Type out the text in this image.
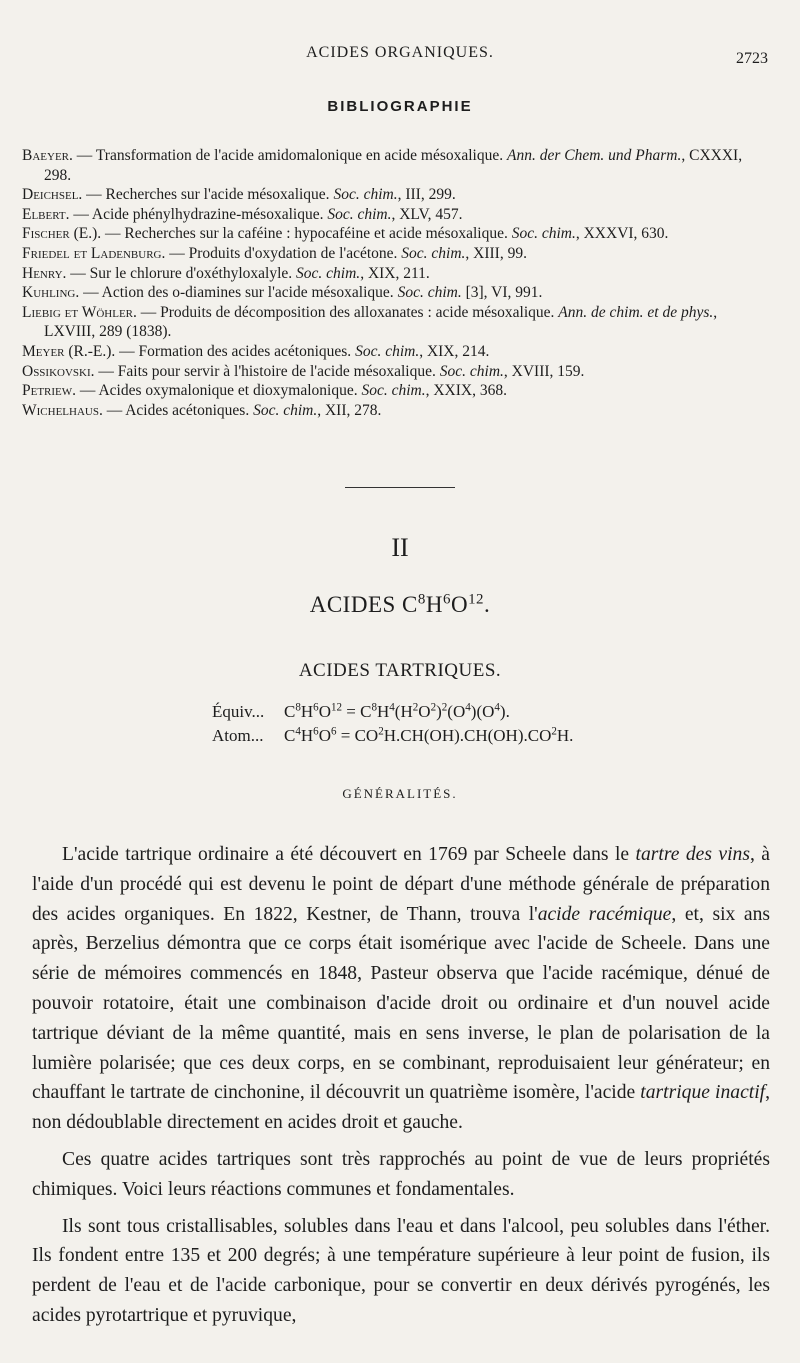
ACIDES ORGANIQUES.	2723
BIBLIOGRAPHIE

Baeyer. — Transformation de l'acide amidomalonique en acide mésoxalique. Ann. der Chem. und Pharm., CXXXI, 298.

Deichsel. — Recherches sur l'acide mésoxalique. Soc. chim., III, 299.

Elbert. — Acide phénylhydrazine-mésoxalique. Soc. chim., XLV, 457.

Fischer (E.). — Recherches sur la caféine : hypocaféine et acide mésoxalique. Soc. chim., XXXVI, 630.

Friedel et Ladenburg. — Produits d'oxydation de l'acétone. Soc. chim., XIII, 99.

Henry. — Sur le chlorure d'oxéthyloxalyle. Soc. chim., XIX, 211.

Kuhling. — Action des o-diamines sur l'acide mésoxalique. Soc. chim. [3], VI, 991.

Liebig et Wöhler. — Produits de décomposition des alloxanates : acide mésoxalique. Ann. de chim. et de phys., LXVIII, 289 (1838).

Meyer (R.-E.). — Formation des acides acétoniques. Soc. chim., XIX, 214.

Ossikovski. — Faits pour servir à l'histoire de l'acide mésoxalique. Soc. chim., XVIII, 159.

Petriew. — Acides oxymalonique et dioxymalonique. Soc. chim., XXIX, 368.

Wichelhaus. — Acides acétoniques. Soc. chim., XII, 278.

II
ACIDES $C^8H^6O^{12}$.
ACIDES TARTRIQUES.
Équiv... $C^8H^6O^{12} = C^8H^4(H^2O^2)^2(O^4)(O^4)$.
Atom... $C^4H^6O^6 = CO^2H.CH(OH).CH(OH).CO^2H$.
GÉNÉRALITÉS.

L'acide tartrique ordinaire a été découvert en 1769 par Scheele dans le tartre des vins, à l'aide d'un procédé qui est devenu le point de départ d'une méthode générale de préparation des acides organiques. En 1822, Kestner, de Thann, trouva l'acide racémique, et, six ans après, Berzelius démontra que ce corps était isomérique avec l'acide de Scheele. Dans une série de mémoires commencés en 1848, Pasteur observa que l'acide racémique, dénué de pouvoir rotatoire, était une combinaison d'acide droit ou ordinaire et d'un nouvel acide tartrique déviant de la même quantité, mais en sens inverse, le plan de polarisation de la lumière polarisée; que ces deux corps, en se combinant, reproduisaient leur générateur; en chauffant le tartrate de cinchonine, il découvrit un quatrième isomère, l'acide tartrique inactif, non dédoublable directement en acides droit et gauche.

Ces quatre acides tartriques sont très rapprochés au point de vue de leurs propriétés chimiques. Voici leurs réactions communes et fondamentales.

Ils sont tous cristallisables, solubles dans l'eau et dans l'alcool, peu solubles dans l'éther. Ils fondent entre 135 et 200 degrés; à une température supérieure à leur point de fusion, ils perdent de l'eau et de l'acide carbonique, pour se convertir en deux dérivés pyrogénés, les acides pyrotartrique et pyruvique,
